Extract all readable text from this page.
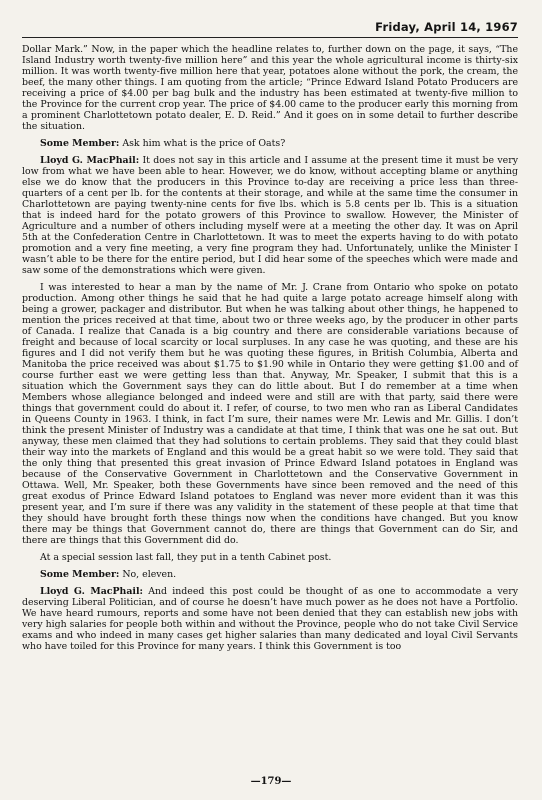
Friday, April 14, 1967

Dollar Mark.” Now, in the paper which the headline relates to, further down on the page, it says, “The Island Industry worth twenty-five million here” and this year the whole agricultural income is thirty-six million. It was worth twenty-five million here that year, potatoes alone without the pork, the cream, the beef, the many other things. I am quoting from the article; “Prince Edward Island Potato Producers are receiving a price of $4.00 per bag bulk and the industry has been estimated at twenty-five million to the Province for the current crop year. The price of $4.00 came to the producer early this morning from a prominent Charlottetown potato dealer, E. D. Reid.” And it goes on in some detail to further describe the situation.

Some Member: Ask him what is the price of Oats?

Lloyd G. MacPhail: It does not say in this article and I assume at the present time it must be very low from what we have been able to hear. However, we do know, without accepting blame or anything else we do know that the producers in this Province to-day are receiving a price less than three-quarters of a cent per lb. for the contents at their storage, and while at the same time the consumer in Charlottetown are paying twenty-nine cents for five lbs. which is 5.8 cents per lb. This is a situation that is indeed hard for the potato growers of this Province to swallow. However, the Minister of Agriculture and a number of others including myself were at a meeting the other day. It was on April 5th at the Confederation Centre in Charlottetown. It was to meet the experts having to do with potato promotion and a very fine meeting, a very fine program they had. Unfortunately, unlike the Minister I wasn’t able to be there for the entire period, but I did hear some of the speeches which were made and saw some of the demonstrations which were given.

I was interested to hear a man by the name of Mr. J. Crane from Ontario who spoke on potato production. Among other things he said that he had quite a large potato acreage himself along with being a grower, packager and distributor. But when he was talking about other things, he happened to mention the prices received at that time, about two or three weeks ago, by the producer in other parts of Canada. I realize that Canada is a big country and there are considerable variations because of freight and because of local scarcity or local surpluses. In any case he was quoting, and these are his figures and I did not verify them but he was quoting these figures, in British Columbia, Alberta and Manitoba the price received was about $1.75 to $1.90 while in Ontario they were getting $1.00 and of course further east we were getting less than that. Anyway, Mr. Speaker, I submit that this is a situation which the Government says they can do little about. But I do remember at a time when Members whose allegiance belonged and indeed were and still are with that party, said there were things that government could do about it. I refer, of course, to two men who ran as Liberal Candidates in Queens County in 1963. I think, in fact I’m sure, their names were Mr. Lewis and Mr. Gillis. I don’t think the present Minister of Industry was a candidate at that time, I think that was one he sat out. But anyway, these men claimed that they had solutions to certain problems. They said that they could blast their way into the markets of England and this would be a great habit so we were told. They said that the only thing that presented this great invasion of Prince Edward Island potatoes in England was because of the Conservative Government in Charlottetown and the Conservative Government in Ottawa. Well, Mr. Speaker, both these Governments have since been removed and the need of this great exodus of Prince Edward Island potatoes to England was never more evident than it was this present year, and I’m sure if there was any validity in the statement of these people at that time that they should have brought forth these things now when the conditions have changed. But you know there may be things that Government cannot do, there are things that Government can do Sir, and there are things that this Government did do.

At a special session last fall, they put in a tenth Cabinet post.

Some Member: No, eleven.

Lloyd G. MacPhail: And indeed this post could be thought of as one to accommodate a very deserving Liberal Politician, and of course he doesn’t have much power as he does not have a Portfolio. We have heard rumours, reports and some have not been denied that they can establish new jobs with very high salaries for people both within and without the Province, people who do not take Civil Service exams and who indeed in many cases get higher salaries than many dedicated and loyal Civil Servants who have toiled for this Province for many years. I think this Government is too

—179—
